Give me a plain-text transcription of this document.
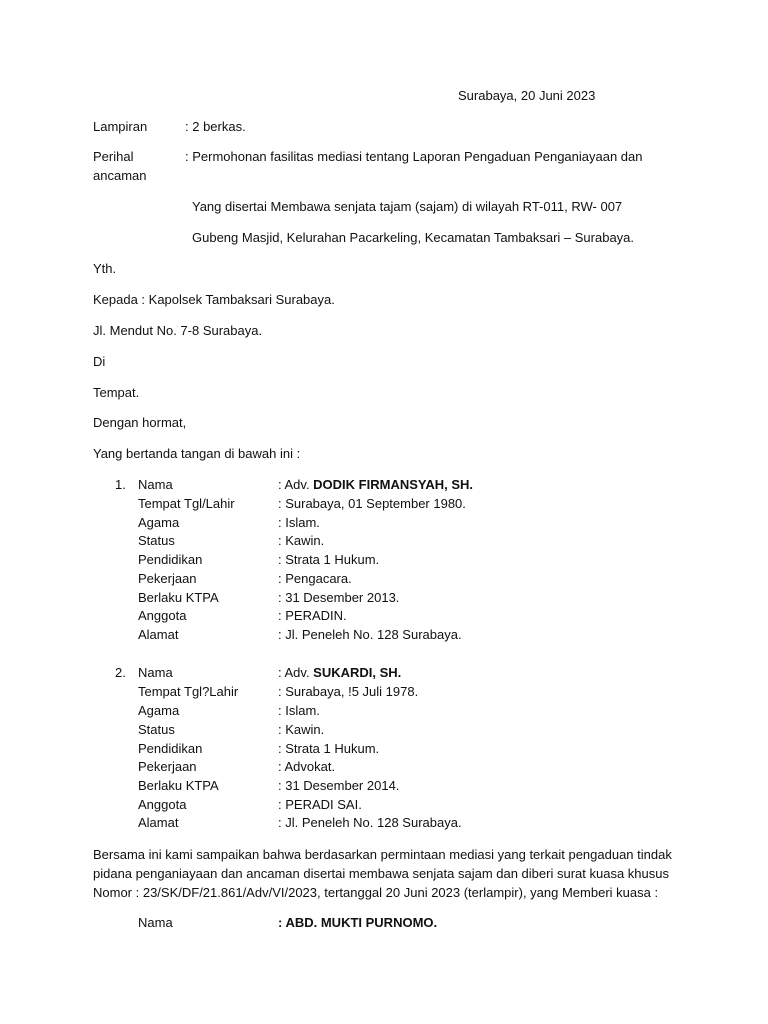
Surabaya, 20 Juni 2023
Lampiran	: 2 berkas.
Perihal	: Permohonan fasilitas mediasi tentang Laporan Pengaduan Penganiayaan dan
ancaman
Yang disertai Membawa senjata tajam (sajam) di wilayah RT-011, RW- 007
Gubeng Masjid, Kelurahan Pacarkeling, Kecamatan Tambaksari – Surabaya.
Yth.
Kepada : Kapolsek Tambaksari Surabaya.
Jl. Mendut No. 7-8 Surabaya.
Di
Tempat.
Dengan hormat,
Yang bertanda tangan di bawah ini :
1. Nama	: Adv. DODIK FIRMANSYAH, SH.
Tempat Tgl/Lahir	: Surabaya, 01 September 1980.
Agama	: Islam.
Status	: Kawin.
Pendidikan	: Strata 1 Hukum.
Pekerjaan	: Pengacara.
Berlaku KTPA	: 31 Desember 2013.
Anggota	: PERADIN.
Alamat	: Jl. Peneleh No. 128 Surabaya.
2. Nama	: Adv. SUKARDI, SH.
Tempat Tgl?Lahir	: Surabaya, !5 Juli 1978.
Agama	: Islam.
Status	: Kawin.
Pendidikan	: Strata 1 Hukum.
Pekerjaan	: Advokat.
Berlaku KTPA	: 31 Desember 2014.
Anggota	: PERADI SAI.
Alamat	: Jl. Peneleh No. 128 Surabaya.
Bersama ini kami sampaikan bahwa berdasarkan permintaan mediasi yang terkait pengaduan tindak
pidana penganiayaan dan ancaman disertai membawa senjata sajam dan diberi surat kuasa khusus
Nomor : 23/SK/DF/21.861/Adv/VI/2023, tertanggal 20 Juni 2023 (terlampir), yang Memberi kuasa :
Nama	: ABD. MUKTI PURNOMO.
